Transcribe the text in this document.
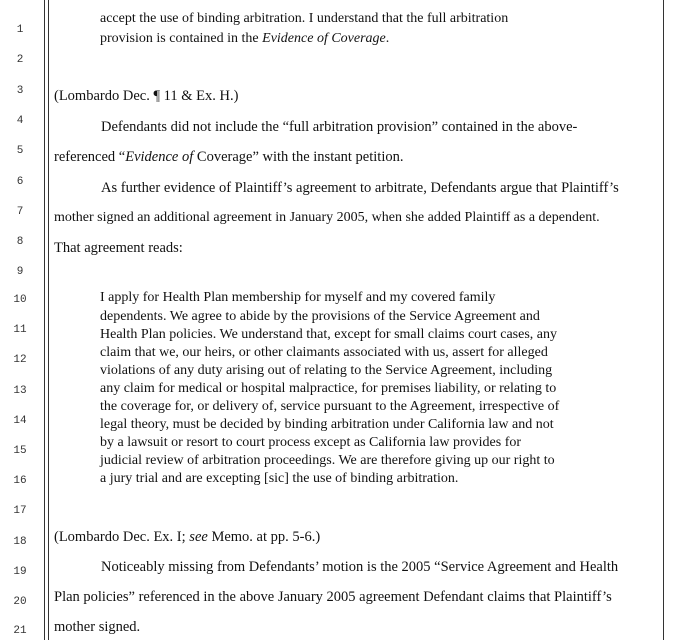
1
2
3
4
5
6
7
8
9
10
11
12
13
14
15
16
17
18
19
20
21
accept the use of binding arbitration. I understand that the full arbitration
provision is contained in the Evidence of Coverage.
(Lombardo Dec. ¶ 11 & Ex. H.)
Defendants did not include the “full arbitration provision” contained in the above-
referenced “Evidence of Coverage” with the instant petition.
As further evidence of Plaintiff’s agreement to arbitrate, Defendants argue that Plaintiff’s
mother signed an additional agreement in January 2005, when she added Plaintiff as a dependent.
That agreement reads:
I apply for Health Plan membership for myself and my covered family
dependents. We agree to abide by the provisions of the Service Agreement and
Health Plan policies. We understand that, except for small claims court cases, any
claim that we, our heirs, or other claimants associated with us, assert for alleged
violations of any duty arising out of relating to the Service Agreement, including
any claim for medical or hospital malpractice, for premises liability, or relating to
the coverage for, or delivery of, service pursuant to the Agreement, irrespective of
legal theory, must be decided by binding arbitration under California law and not
by a lawsuit or resort to court process except as California law provides for
judicial review of arbitration proceedings. We are therefore giving up our right to
a jury trial and are excepting [sic] the use of binding arbitration.
(Lombardo Dec. Ex. I; see Memo. at pp. 5-6.)
Noticeably missing from Defendants’ motion is the 2005 “Service Agreement and Health
Plan policies” referenced in the above January 2005 agreement Defendant claims that Plaintiff’s
mother signed.
